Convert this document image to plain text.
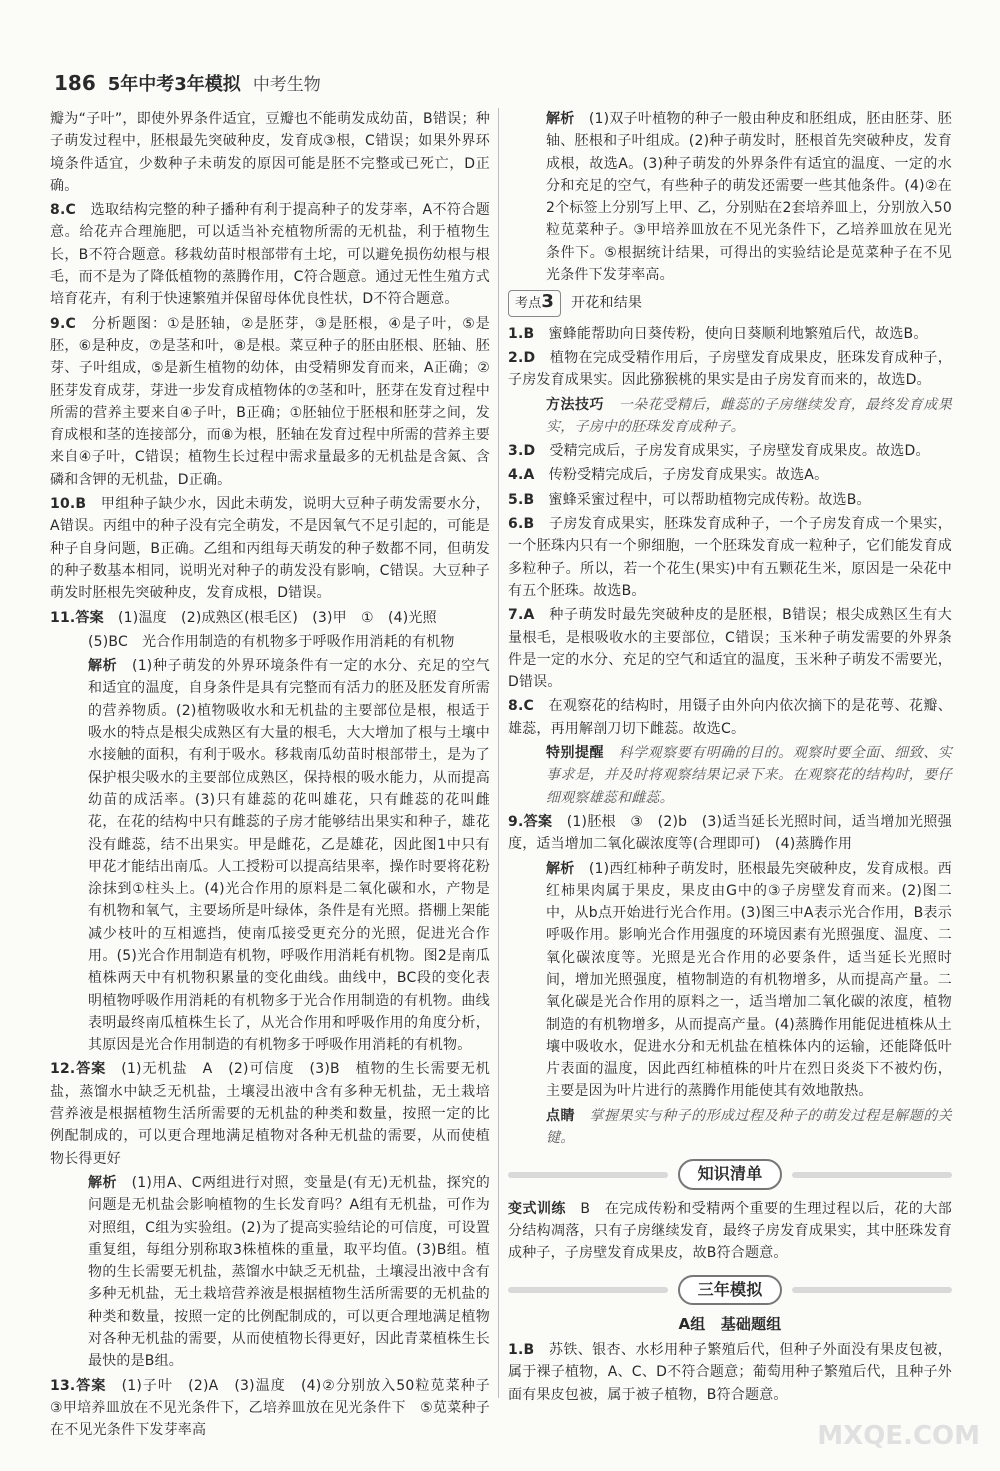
186 5年中考3年模拟 中考生物

瓣为“子叶”，即使外界条件适宜，豆瓣也不能萌发成幼苗，B错误；种子萌发过程中，胚根最先突破种皮，发育成③根，C错误；如果外界环境条件适宜，少数种子未萌发的原因可能是胚不完整或已死亡，D正确。

8.C　选取结构完整的种子播种有利于提高种子的发芽率，A不符合题意。给花卉合理施肥，可以适当补充植物所需的无机盐，利于植物生长，B不符合题意。移栽幼苗时根部带有土坨，可以避免损伤幼根与根毛，而不是为了降低植物的蒸腾作用，C符合题意。通过无性生殖方式培育花卉，有利于快速繁殖并保留母体优良性状，D不符合题意。

9.C　分析题图：①是胚轴，②是胚芽，③是胚根，④是子叶，⑤是胚，⑥是种皮，⑦是茎和叶，⑧是根。菜豆种子的胚由胚根、胚轴、胚芽、子叶组成，⑤是新生植物的幼体，由受精卵发育而来，A正确；②胚芽发育成芽，芽进一步发育成植物体的⑦茎和叶，胚芽在发育过程中所需的营养主要来自④子叶，B正确；①胚轴位于胚根和胚芽之间，发育成根和茎的连接部分，而⑧为根，胚轴在发育过程中所需的营养主要来自④子叶，C错误；植物生长过程中需求量最多的无机盐是含氮、含磷和含钾的无机盐，D正确。

10.B　甲组种子缺少水，因此未萌发，说明大豆种子萌发需要水分，A错误。丙组中的种子没有完全萌发，不是因氧气不足引起的，可能是种子自身问题，B正确。乙组和丙组每天萌发的种子数都不同，但萌发的种子数基本相同，说明光对种子的萌发没有影响，C错误。大豆种子萌发时胚根先突破种皮，发育成根，D错误。

11.答案　(1)温度　(2)成熟区(根毛区)　(3)甲　①　(4)光照

(5)BC　光合作用制造的有机物多于呼吸作用消耗的有机物

解析　(1)种子萌发的外界环境条件有一定的水分、充足的空气和适宜的温度，自身条件是具有完整而有活力的胚及胚发育所需的营养物质。(2)植物吸收水和无机盐的主要部位是根，根适于吸水的特点是根尖成熟区有大量的根毛，大大增加了根与土壤中水接触的面积，有利于吸水。移栽南瓜幼苗时根部带土，是为了保护根尖吸水的主要部位成熟区，保持根的吸水能力，从而提高幼苗的成活率。(3)只有雄蕊的花叫雄花，只有雌蕊的花叫雌花，在花的结构中只有雌蕊的子房才能够结出果实和种子，雄花没有雌蕊，结不出果实。甲是雌花，乙是雄花，因此图1中只有甲花才能结出南瓜。人工授粉可以提高结果率，操作时要将花粉涂抹到①柱头上。(4)光合作用的原料是二氧化碳和水，产物是有机物和氧气，主要场所是叶绿体，条件是有光照。搭棚上架能减少枝叶的互相遮挡，使南瓜接受更充分的光照，促进光合作用。(5)光合作用制造有机物，呼吸作用消耗有机物。图2是南瓜植株两天中有机物积累量的变化曲线。曲线中，BC段的变化表明植物呼吸作用消耗的有机物多于光合作用制造的有机物。曲线表明最终南瓜植株生长了，从光合作用和呼吸作用的角度分析，其原因是光合作用制造的有机物多于呼吸作用消耗的有机物。

12.答案　(1)无机盐　A　(2)可信度　(3)B　植物的生长需要无机盐，蒸馏水中缺乏无机盐，土壤浸出液中含有多种无机盐，无土栽培营养液是根据植物生活所需要的无机盐的种类和数量，按照一定的比例配制成的，可以更合理地满足植物对各种无机盐的需要，从而使植物长得更好

解析　(1)用A、C两组进行对照，变量是(有无)无机盐，探究的问题是无机盐会影响植物的生长发育吗？A组有无机盐，可作为对照组，C组为实验组。(2)为了提高实验结论的可信度，可设置重复组，每组分别称取3株植株的重量，取平均值。(3)B组。植物的生长需要无机盐，蒸馏水中缺乏无机盐，土壤浸出液中含有多种无机盐，无土栽培营养液是根据植物生活所需要的无机盐的种类和数量，按照一定的比例配制成的，可以更合理地满足植物对各种无机盐的需要，从而使植物长得更好，因此青菜植株生长最快的是B组。

13.答案　(1)子叶　(2)A　(3)温度　(4)②分别放入50粒苋菜种子　③甲培养皿放在不见光条件下，乙培养皿放在见光条件下　⑤苋菜种子在不见光条件下发芽率高

解析　(1)双子叶植物的种子一般由种皮和胚组成，胚由胚芽、胚轴、胚根和子叶组成。(2)种子萌发时，胚根首先突破种皮，发育成根，故选A。(3)种子萌发的外界条件有适宜的温度、一定的水分和充足的空气，有些种子的萌发还需要一些其他条件。(4)②在2个标签上分别写上甲、乙，分别贴在2套培养皿上，分别放入50粒苋菜种子。③甲培养皿放在不见光条件下，乙培养皿放在见光条件下。⑤根据统计结果，可得出的实验结论是苋菜种子在不见光条件下发芽率高。

考点3	开花和结果

1.B　蜜蜂能帮助向日葵传粉，使向日葵顺利地繁殖后代，故选B。

2.D　植物在完成受精作用后，子房壁发育成果皮，胚珠发育成种子，子房发育成果实。因此猕猴桃的果实是由子房发育而来的，故选D。

方法技巧　一朵花受精后，雌蕊的子房继续发育，最终发育成果实，子房中的胚珠发育成种子。

3.D　受精完成后，子房发育成果实，子房壁发育成果皮。故选D。

4.A　传粉受精完成后，子房发育成果实。故选A。

5.B　蜜蜂采蜜过程中，可以帮助植物完成传粉。故选B。

6.B　子房发育成果实，胚珠发育成种子，一个子房发育成一个果实，一个胚珠内只有一个卵细胞，一个胚珠发育成一粒种子，它们能发育成多粒种子。所以，若一个花生(果实)中有五颗花生米，原因是一朵花中有五个胚珠。故选B。

7.A　种子萌发时最先突破种皮的是胚根，B错误；根尖成熟区生有大量根毛，是根吸收水的主要部位，C错误；玉米种子萌发需要的外界条件是一定的水分、充足的空气和适宜的温度，玉米种子萌发不需要光，D错误。

8.C　在观察花的结构时，用镊子由外向内依次摘下的是花萼、花瓣、雄蕊，再用解剖刀切下雌蕊。故选C。

特别提醒　科学观察要有明确的目的。观察时要全面、细致、实事求是，并及时将观察结果记录下来。在观察花的结构时，要仔细观察雄蕊和雌蕊。

9.答案　(1)胚根　③　(2)b　(3)适当延长光照时间，适当增加光照强度，适当增加二氧化碳浓度等(合理即可)　(4)蒸腾作用

解析　(1)西红柿种子萌发时，胚根最先突破种皮，发育成根。西红柿果肉属于果皮，果皮由G中的③子房壁发育而来。(2)图二中，从b点开始进行光合作用。(3)图三中A表示光合作用，B表示呼吸作用。影响光合作用强度的环境因素有光照强度、温度、二氧化碳浓度等。光照是光合作用的必要条件，适当延长光照时间，增加光照强度，植物制造的有机物增多，从而提高产量。二氧化碳是光合作用的原料之一，适当增加二氧化碳的浓度，植物制造的有机物增多，从而提高产量。(4)蒸腾作用能促进植株从土壤中吸收水，促进水分和无机盐在植株体内的运输，还能降低叶片表面的温度，因此西红柿植株的叶片在烈日炎炎下不被灼伤，主要是因为叶片进行的蒸腾作用能使其有效地散热。

点睛　掌握果实与种子的形成过程及种子的萌发过程是解题的关键。

知识清单

变式训练　 B　在完成传粉和受精两个重要的生理过程以后，花的大部分结构凋落，只有子房继续发育，最终子房发育成果实，其中胚珠发育成种子，子房壁发育成果皮，故B符合题意。

三年模拟
A组　基础题组

1.B　苏铁、银杏、水杉用种子繁殖后代，但种子外面没有果皮包被，属于裸子植物，A、C、D不符合题意；葡萄用种子繁殖后代，且种子外面有果皮包被，属于被子植物，B符合题意。

MXQE.COM
